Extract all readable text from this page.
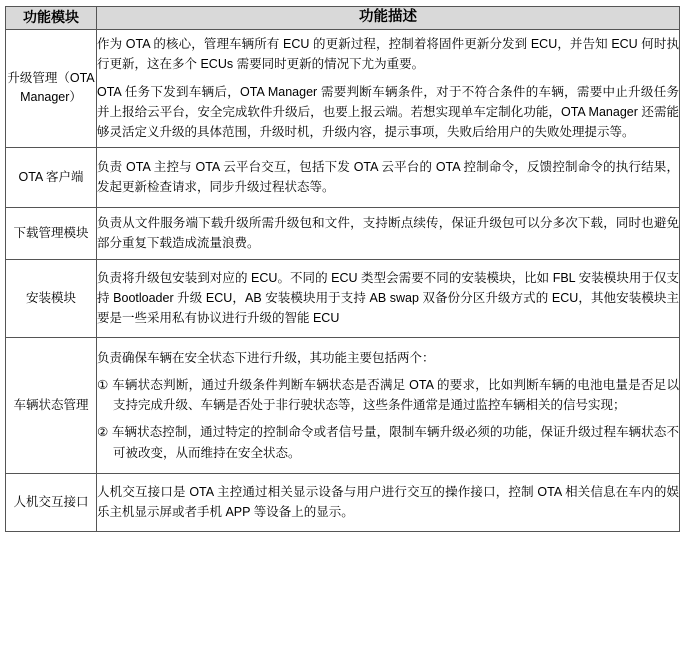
功能模块	功能描述
升级管理（OTA Manager）	作为 OTA 的核心，管理车辆所有 ECU 的更新过程，控制着将固件更新分发到 ECU，并告知 ECU 何时执行更新，这在多个 ECUs 需要同时更新的情况下尤为重要。

OTA 任务下发到车辆后，OTA Manager 需要判断车辆条件，对于不符合条件的车辆，需要中止升级任务并上报给云平台，安全完成软件升级后，也要上报云端。若想实现单车定制化功能，OTA Manager 还需能够灵活定义升级的具体范围，升级时机，升级内容，提示事项，失败后给用户的失败处理提示等。

OTA 客户端	负责 OTA 主控与 OTA 云平台交互，包括下发 OTA 云平台的 OTA 控制命令，反馈控制命令的执行结果，发起更新检查请求，同步升级过程状态等。

下载管理模块	负责从文件服务端下载升级所需升级包和文件，支持断点续传，保证升级包可以分多次下载，同时也避免部分重复下载造成流量浪费。

安装模块	负责将升级包安装到对应的 ECU。不同的 ECU 类型会需要不同的安装模块，比如 FBL 安装模块用于仅支持 Bootloader 升级 ECU，AB 安装模块用于支持 AB swap 双备份分区升级方式的 ECU，其他安装模块主要是一些采用私有协议进行升级的智能 ECU

车辆状态管理	负责确保车辆在安全状态下进行升级，其功能主要包括两个：

① 车辆状态判断，通过升级条件判断车辆状态是否满足 OTA 的要求，比如判断车辆的电池电量是否足以支持完成升级、车辆是否处于非行驶状态等，这些条件通常是通过监控车辆相关的信号实现；

② 车辆状态控制，通过特定的控制命令或者信号量，限制车辆升级必须的功能，保证升级过程车辆状态不可被改变，从而维持在安全状态。

人机交互接口	人机交互接口是 OTA 主控通过相关显示设备与用户进行交互的操作接口，控制 OTA 相关信息在车内的娱乐主机显示屏或者手机 APP 等设备上的显示。
